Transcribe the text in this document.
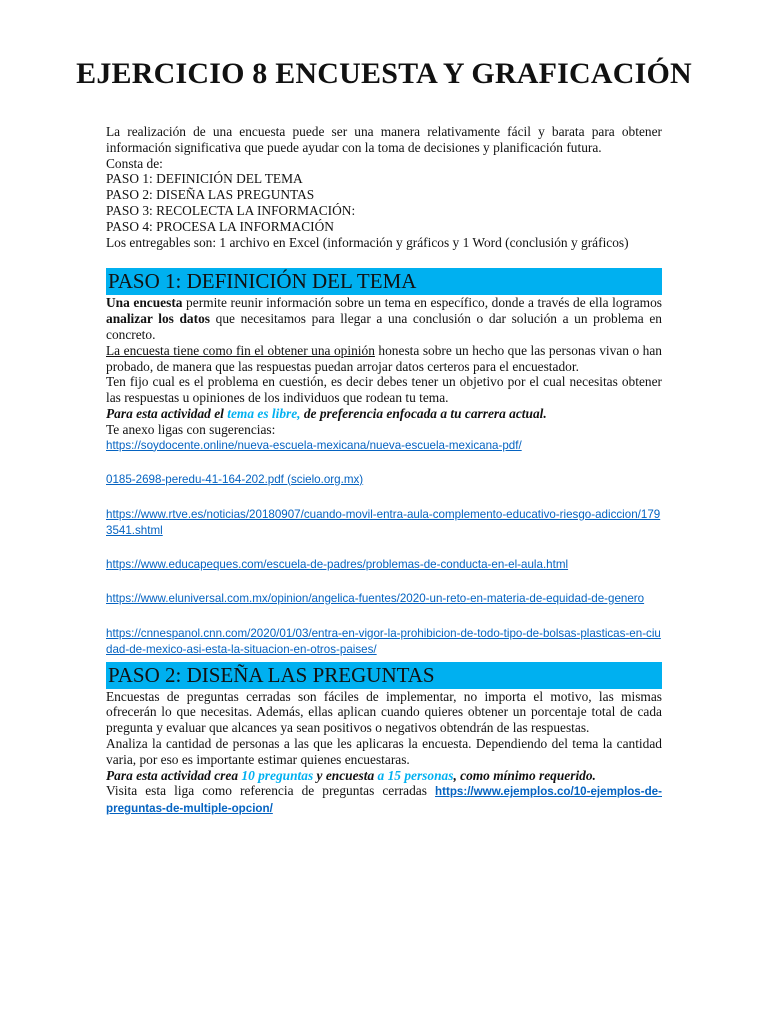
EJERCICIO 8 ENCUESTA Y GRAFICACIÓN

La realización de una encuesta puede ser una manera relativamente fácil y barata para obtener información significativa que puede ayudar con la toma de decisiones y planificación futura.

Consta de:

PASO 1: DEFINICIÓN DEL TEMA

PASO 2: DISEÑA LAS PREGUNTAS

PASO 3: RECOLECTA LA INFORMACIÓN:

PASO 4: PROCESA LA INFORMACIÓN

Los entregables son: 1 archivo en Excel (información y gráficos y 1 Word (conclusión y gráficos)

PASO 1: DEFINICIÓN DEL TEMA

Una encuesta permite reunir información sobre un tema en específico, donde a través de ella logramos analizar los datos que necesitamos para llegar a una conclusión o dar solución a un problema en concreto.

La encuesta tiene como fin el obtener una opinión honesta sobre un hecho que las personas vivan o han probado, de manera que las respuestas puedan arrojar datos certeros para el encuestador.

Ten fijo cual es el problema en cuestión, es decir debes tener un objetivo por el cual necesitas obtener las respuestas u opiniones de los individuos que rodean tu tema.

Para esta actividad el tema es libre, de preferencia enfocada a tu carrera actual.

Te anexo ligas con sugerencias:

https://soydocente.online/nueva-escuela-mexicana/nueva-escuela-mexicana-pdf/
0185-2698-peredu-41-164-202.pdf (scielo.org.mx)
https://www.rtve.es/noticias/20180907/cuando-movil-entra-aula-complemento-educativo-riesgo-adiccion/1793541.shtml
https://www.educapeques.com/escuela-de-padres/problemas-de-conducta-en-el-aula.html
https://www.eluniversal.com.mx/opinion/angelica-fuentes/2020-un-reto-en-materia-de-equidad-de-genero
https://cnnespanol.cnn.com/2020/01/03/entra-en-vigor-la-prohibicion-de-todo-tipo-de-bolsas-plasticas-en-ciudad-de-mexico-asi-esta-la-situacion-en-otros-paises/
PASO 2: DISEÑA LAS PREGUNTAS

Encuestas de preguntas cerradas son fáciles de implementar, no importa el motivo, las mismas ofrecerán lo que necesitas. Además, ellas aplican cuando quieres obtener un porcentaje total de cada pregunta y evaluar que alcances ya sean positivos o negativos obtendrán de las respuestas.

Analiza la cantidad de personas a las que les aplicaras la encuesta. Dependiendo del tema la cantidad varia, por eso es importante estimar quienes encuestaras.

Para esta actividad crea 10 preguntas y encuesta a 15 personas, como mínimo requerido.

Visita esta liga como referencia de preguntas cerradas https://www.ejemplos.co/10-ejemplos-de-preguntas-de-multiple-opcion/
